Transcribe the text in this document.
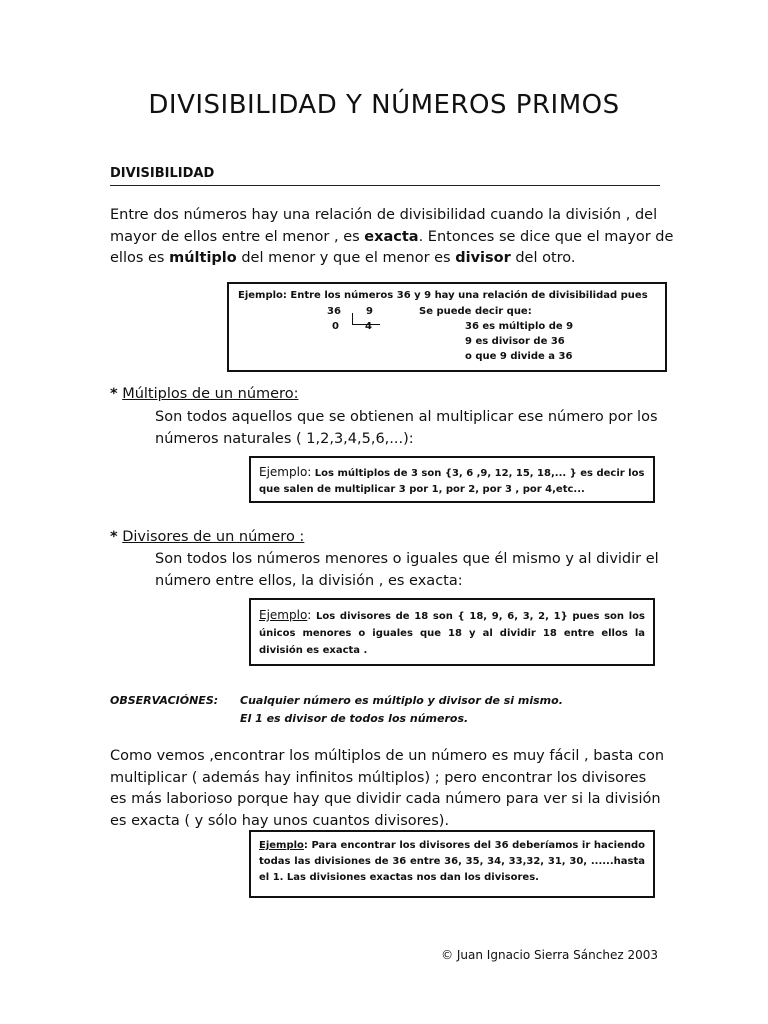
DIVISIBILIDAD Y NÚMEROS PRIMOS
DIVISIBILIDAD
Entre dos números hay una relación de divisibilidad cuando la división , del
mayor de ellos entre el menor , es exacta. Entonces se dice que el mayor de
ellos es múltiplo del menor y que el menor es divisor del otro.
Ejemplo: Entre los números 36 y 9 hay una relación de divisibilidad pues
36	9	Se puede decir que:
0	4	36 es múltiplo de 9
9 es divisor de 36
o que 9 divide a 36
* Múltiplos de un número:
Son todos aquellos que se obtienen al multiplicar ese número por los
números naturales ( 1,2,3,4,5,6,...):
Ejemplo: Los múltiplos de 3 son {3, 6 ,9, 12, 15, 18,... } es decir los que salen de multiplicar 3 por 1, por 2, por 3 , por 4,etc...
* Divisores de un número :
Son todos los números menores o iguales que él mismo y al dividir el
número entre ellos, la división , es exacta:
Ejemplo: Los divisores de 18 son { 18, 9, 6, 3, 2, 1} pues son los únicos menores o iguales que 18 y al dividir 18 entre ellos la división es exacta .
OBSERVACIÓNES: Cualquier número es múltiplo y divisor de si mismo.
El 1 es divisor de todos los números.
Como vemos ,encontrar los múltiplos de un número es muy fácil , basta con
multiplicar ( además hay infinitos múltiplos) ; pero encontrar los divisores
es más laborioso porque hay que dividir cada número para ver si la división
es exacta ( y sólo hay unos cuantos divisores).
Ejemplo: Para encontrar los divisores del 36 deberíamos ir haciendo todas las divisiones de 36 entre 36, 35, 34, 33,32, 31, 30, ......hasta el 1. Las divisiones exactas nos dan los divisores.
© Juan Ignacio Sierra Sánchez 2003
